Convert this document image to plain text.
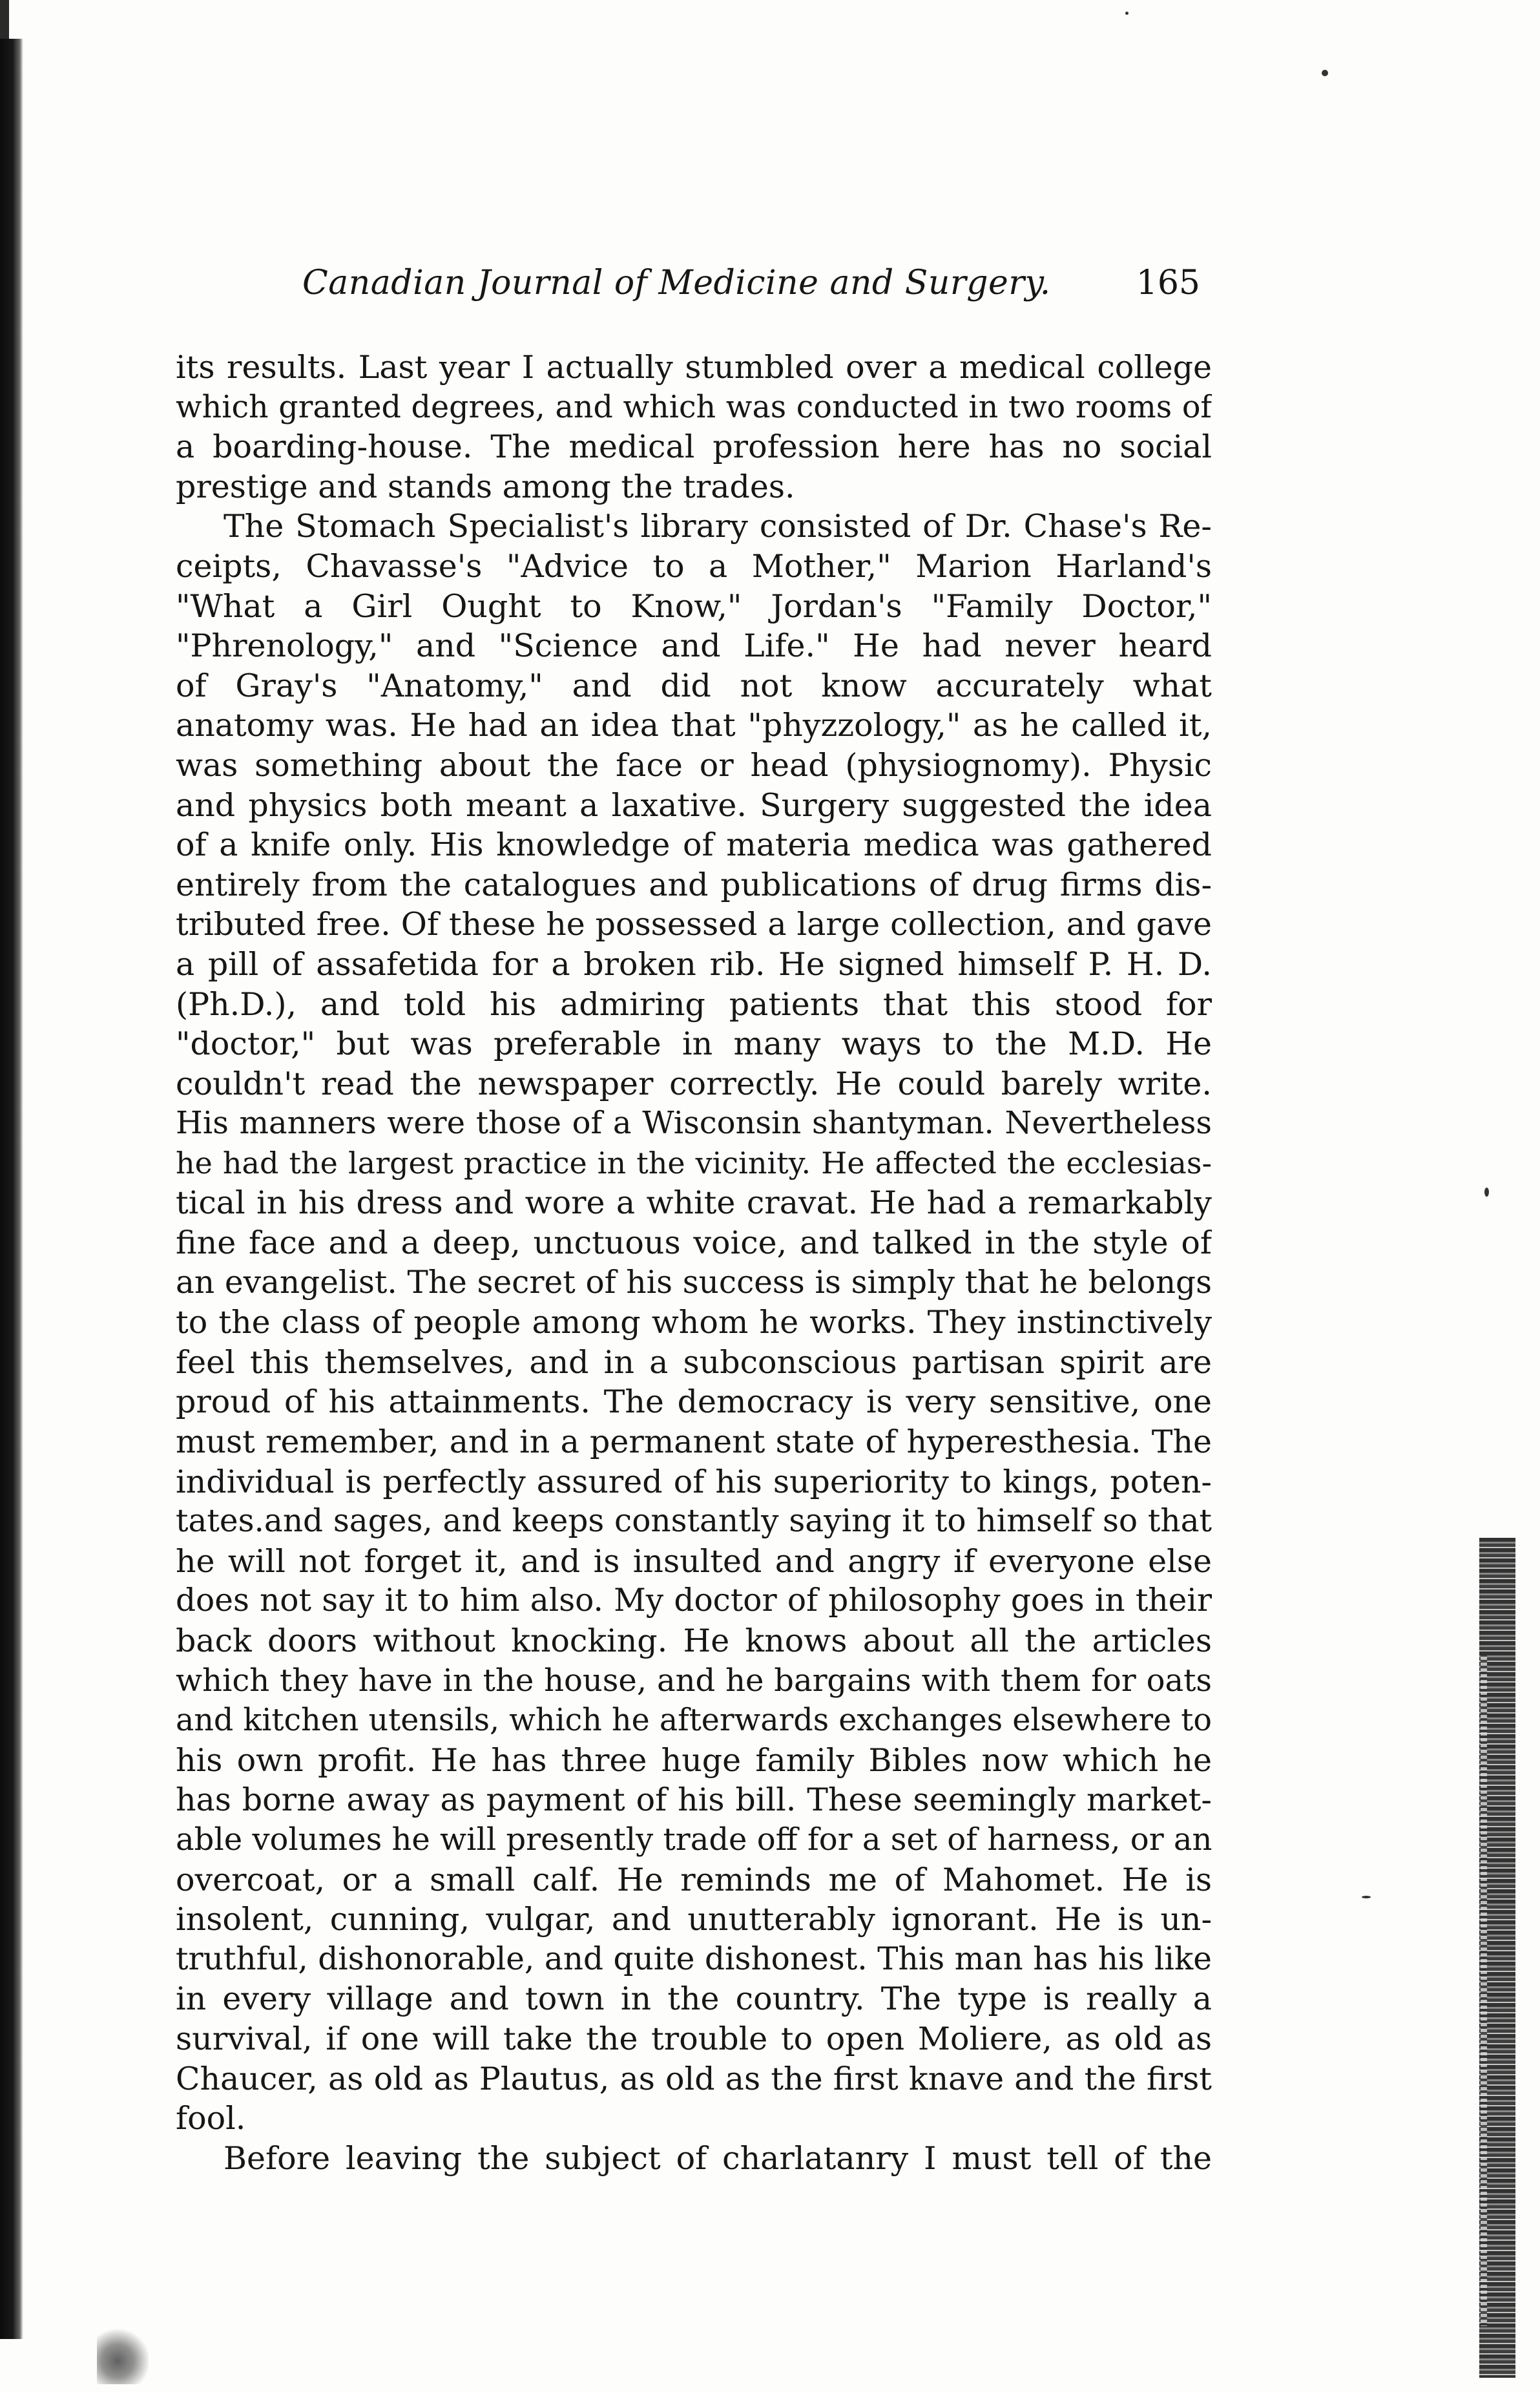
Canadian Journal of Medicine and Surgery.	165
its results. Last year I actually stumbled over a medical college
which granted degrees, and which was conducted in two rooms of
a boarding-house. The medical profession here has no social
prestige and stands among the trades.
The Stomach Specialist's library consisted of Dr. Chase's Re-
ceipts, Chavasse's "Advice to a Mother," Marion Harland's
"What a Girl Ought to Know," Jordan's "Family Doctor,"
"Phrenology," and "Science and Life." He had never heard
of Gray's "Anatomy," and did not know accurately what
anatomy was. He had an idea that "phyzzology," as he called it,
was something about the face or head (physiognomy). Physic
and physics both meant a laxative. Surgery suggested the idea
of a knife only. His knowledge of materia medica was gathered
entirely from the catalogues and publications of drug firms dis-
tributed free. Of these he possessed a large collection, and gave
a pill of assafetida for a broken rib. He signed himself P. H. D.
(Ph.D.), and told his admiring patients that this stood for
"doctor," but was preferable in many ways to the M.D. He
couldn't read the newspaper correctly. He could barely write.
His manners were those of a Wisconsin shantyman. Nevertheless
he had the largest practice in the vicinity. He affected the ecclesias-
tical in his dress and wore a white cravat. He had a remarkably
fine face and a deep, unctuous voice, and talked in the style of
an evangelist. The secret of his success is simply that he belongs
to the class of people among whom he works. They instinctively
feel this themselves, and in a subconscious partisan spirit are
proud of his attainments. The democracy is very sensitive, one
must remember, and in a permanent state of hyperesthesia. The
individual is perfectly assured of his superiority to kings, poten-
tates.and sages, and keeps constantly saying it to himself so that
he will not forget it, and is insulted and angry if everyone else
does not say it to him also. My doctor of philosophy goes in their
back doors without knocking. He knows about all the articles
which they have in the house, and he bargains with them for oats
and kitchen utensils, which he afterwards exchanges elsewhere to
his own profit. He has three huge family Bibles now which he
has borne away as payment of his bill. These seemingly market-
able volumes he will presently trade off for a set of harness, or an
overcoat, or a small calf. He reminds me of Mahomet. He is
insolent, cunning, vulgar, and unutterably ignorant. He is un-
truthful, dishonorable, and quite dishonest. This man has his like
in every village and town in the country. The type is really a
survival, if one will take the trouble to open Moliere, as old as
Chaucer, as old as Plautus, as old as the first knave and the first
fool.
Before leaving the subject of charlatanry I must tell of the
